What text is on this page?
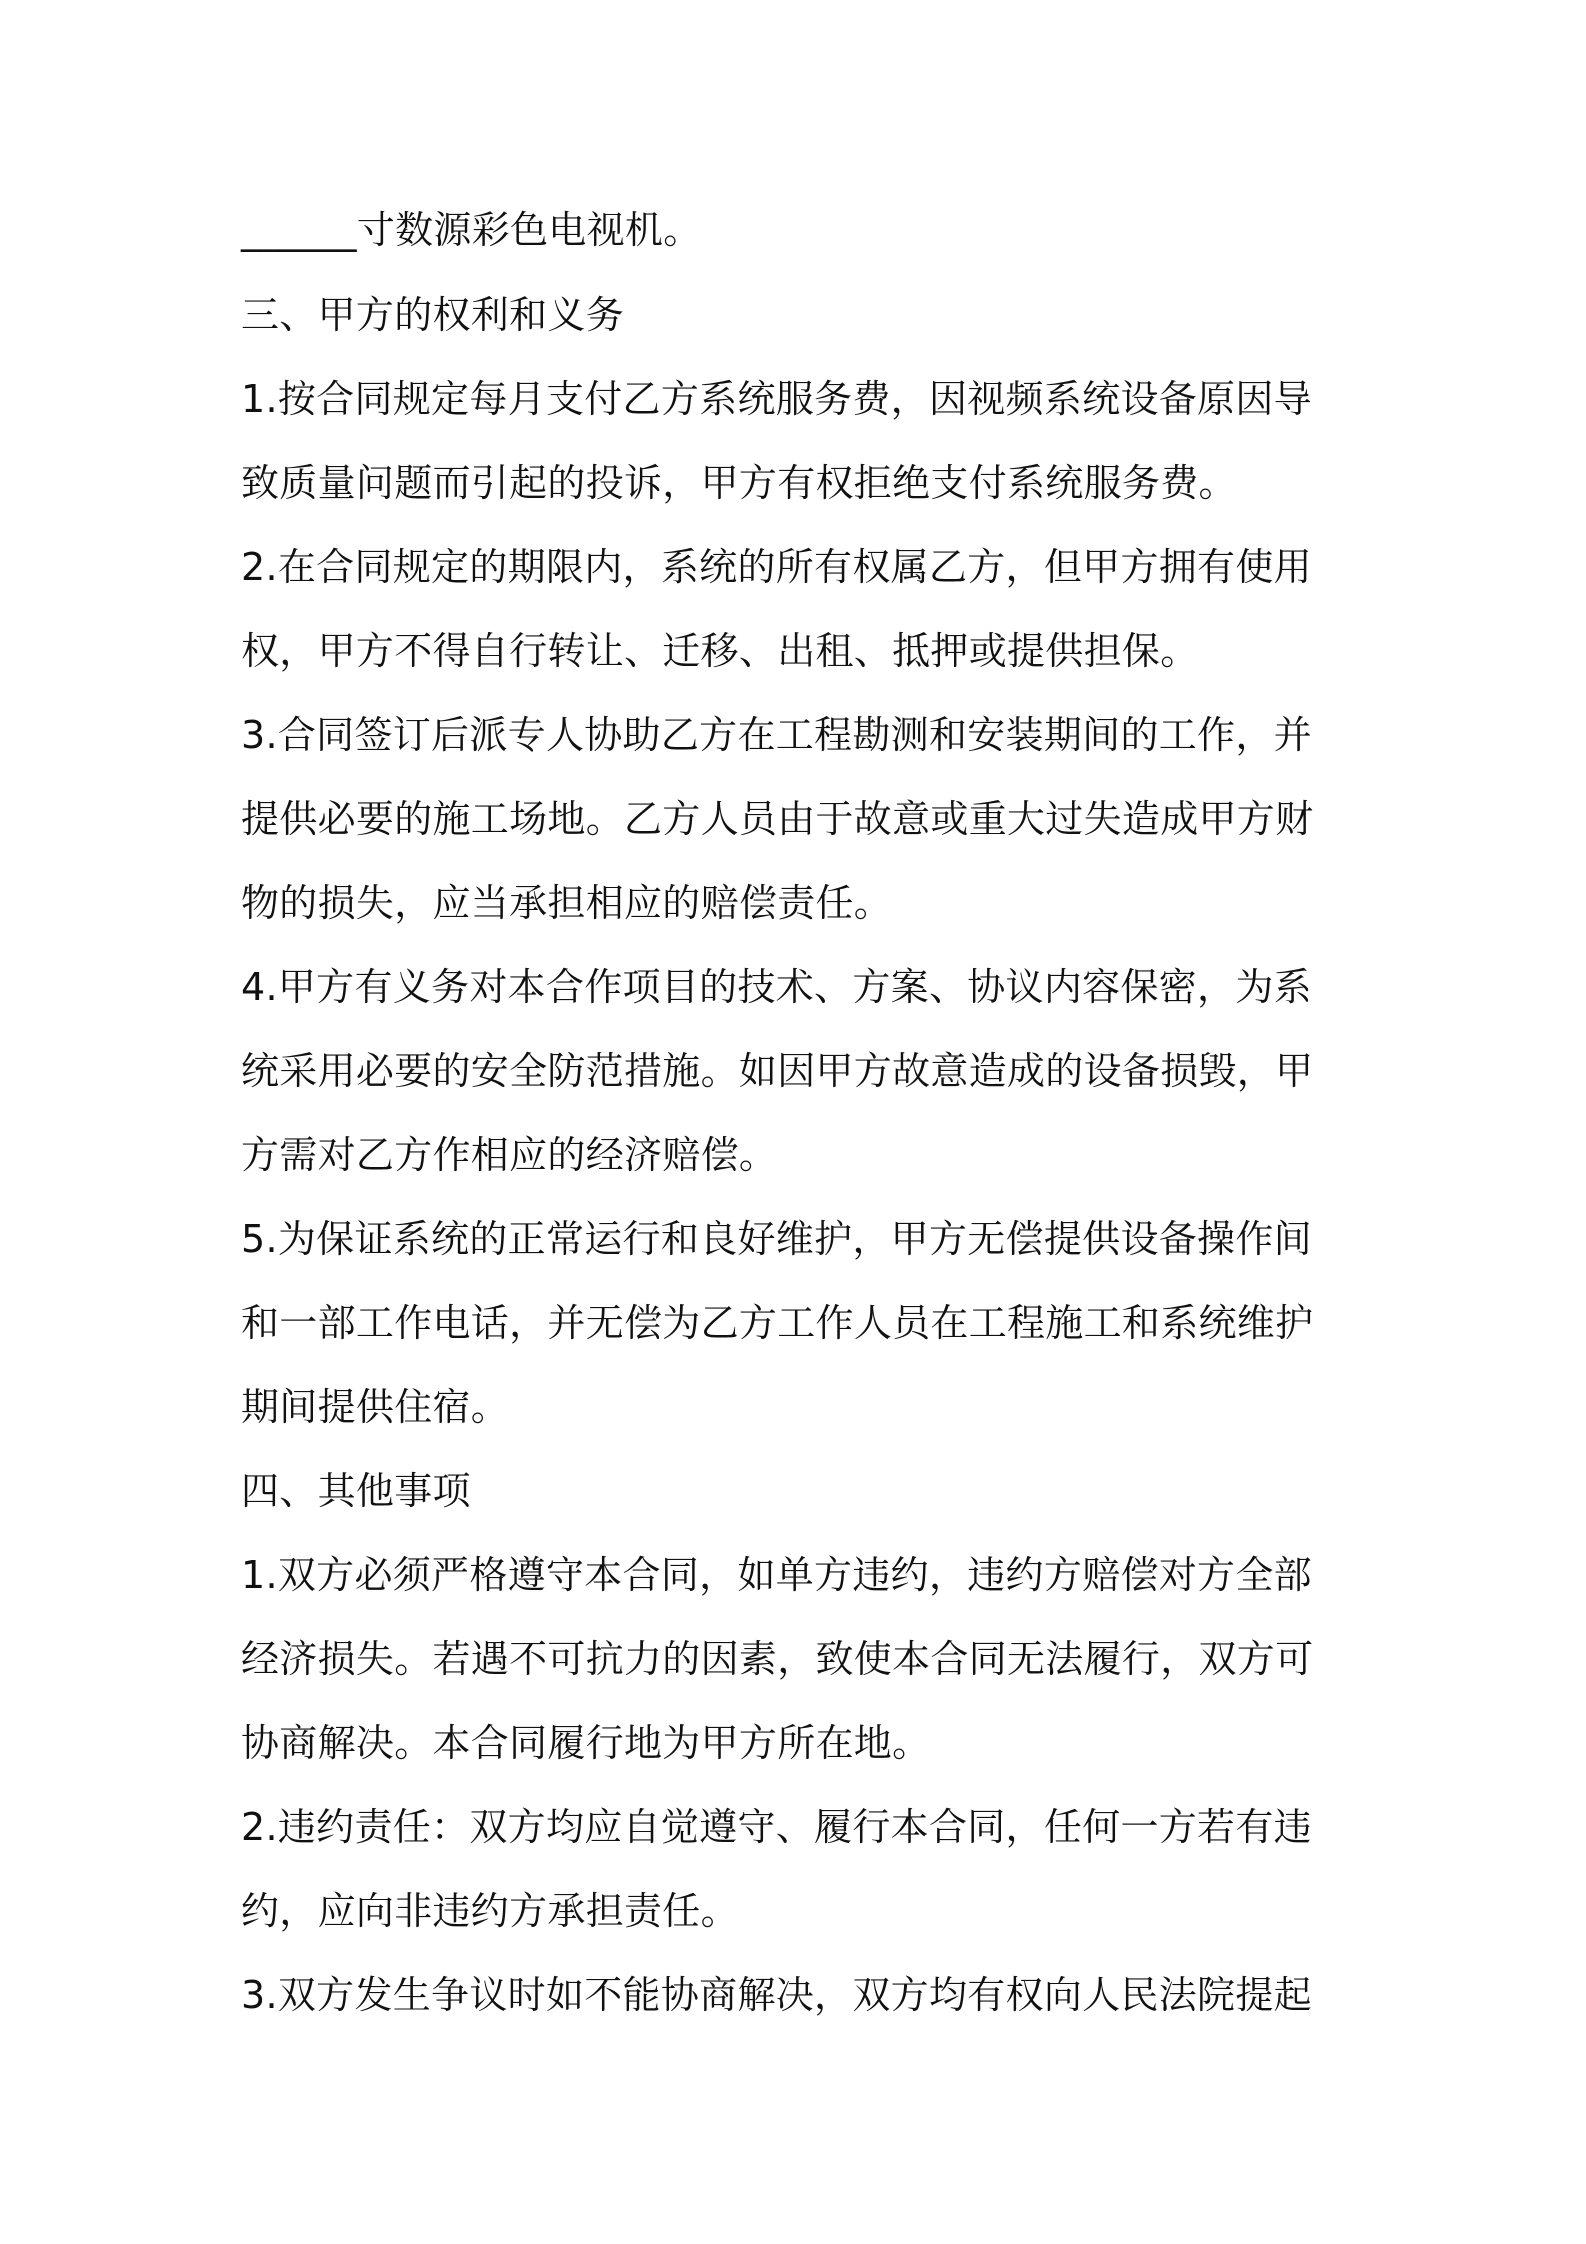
______寸数源彩色电视机。
三、甲方的权利和义务
1.按合同规定每月支付乙方系统服务费，因视频系统设备原因导
致质量问题而引起的投诉，甲方有权拒绝支付系统服务费。
2.在合同规定的期限内，系统的所有权属乙方，但甲方拥有使用
权，甲方不得自行转让、迁移、出租、抵押或提供担保。
3.合同签订后派专人协助乙方在工程勘测和安装期间的工作，并
提供必要的施工场地。乙方人员由于故意或重大过失造成甲方财
物的损失，应当承担相应的赔偿责任。
4.甲方有义务对本合作项目的技术、方案、协议内容保密，为系
统采用必要的安全防范措施。如因甲方故意造成的设备损毁，甲
方需对乙方作相应的经济赔偿。
5.为保证系统的正常运行和良好维护，甲方无偿提供设备操作间
和一部工作电话，并无偿为乙方工作人员在工程施工和系统维护
期间提供住宿。
四、其他事项
1.双方必须严格遵守本合同，如单方违约，违约方赔偿对方全部
经济损失。若遇不可抗力的因素，致使本合同无法履行，双方可
协商解决。本合同履行地为甲方所在地。
2.违约责任：双方均应自觉遵守、履行本合同，任何一方若有违
约，应向非违约方承担责任。
3.双方发生争议时如不能协商解决，双方均有权向人民法院提起
